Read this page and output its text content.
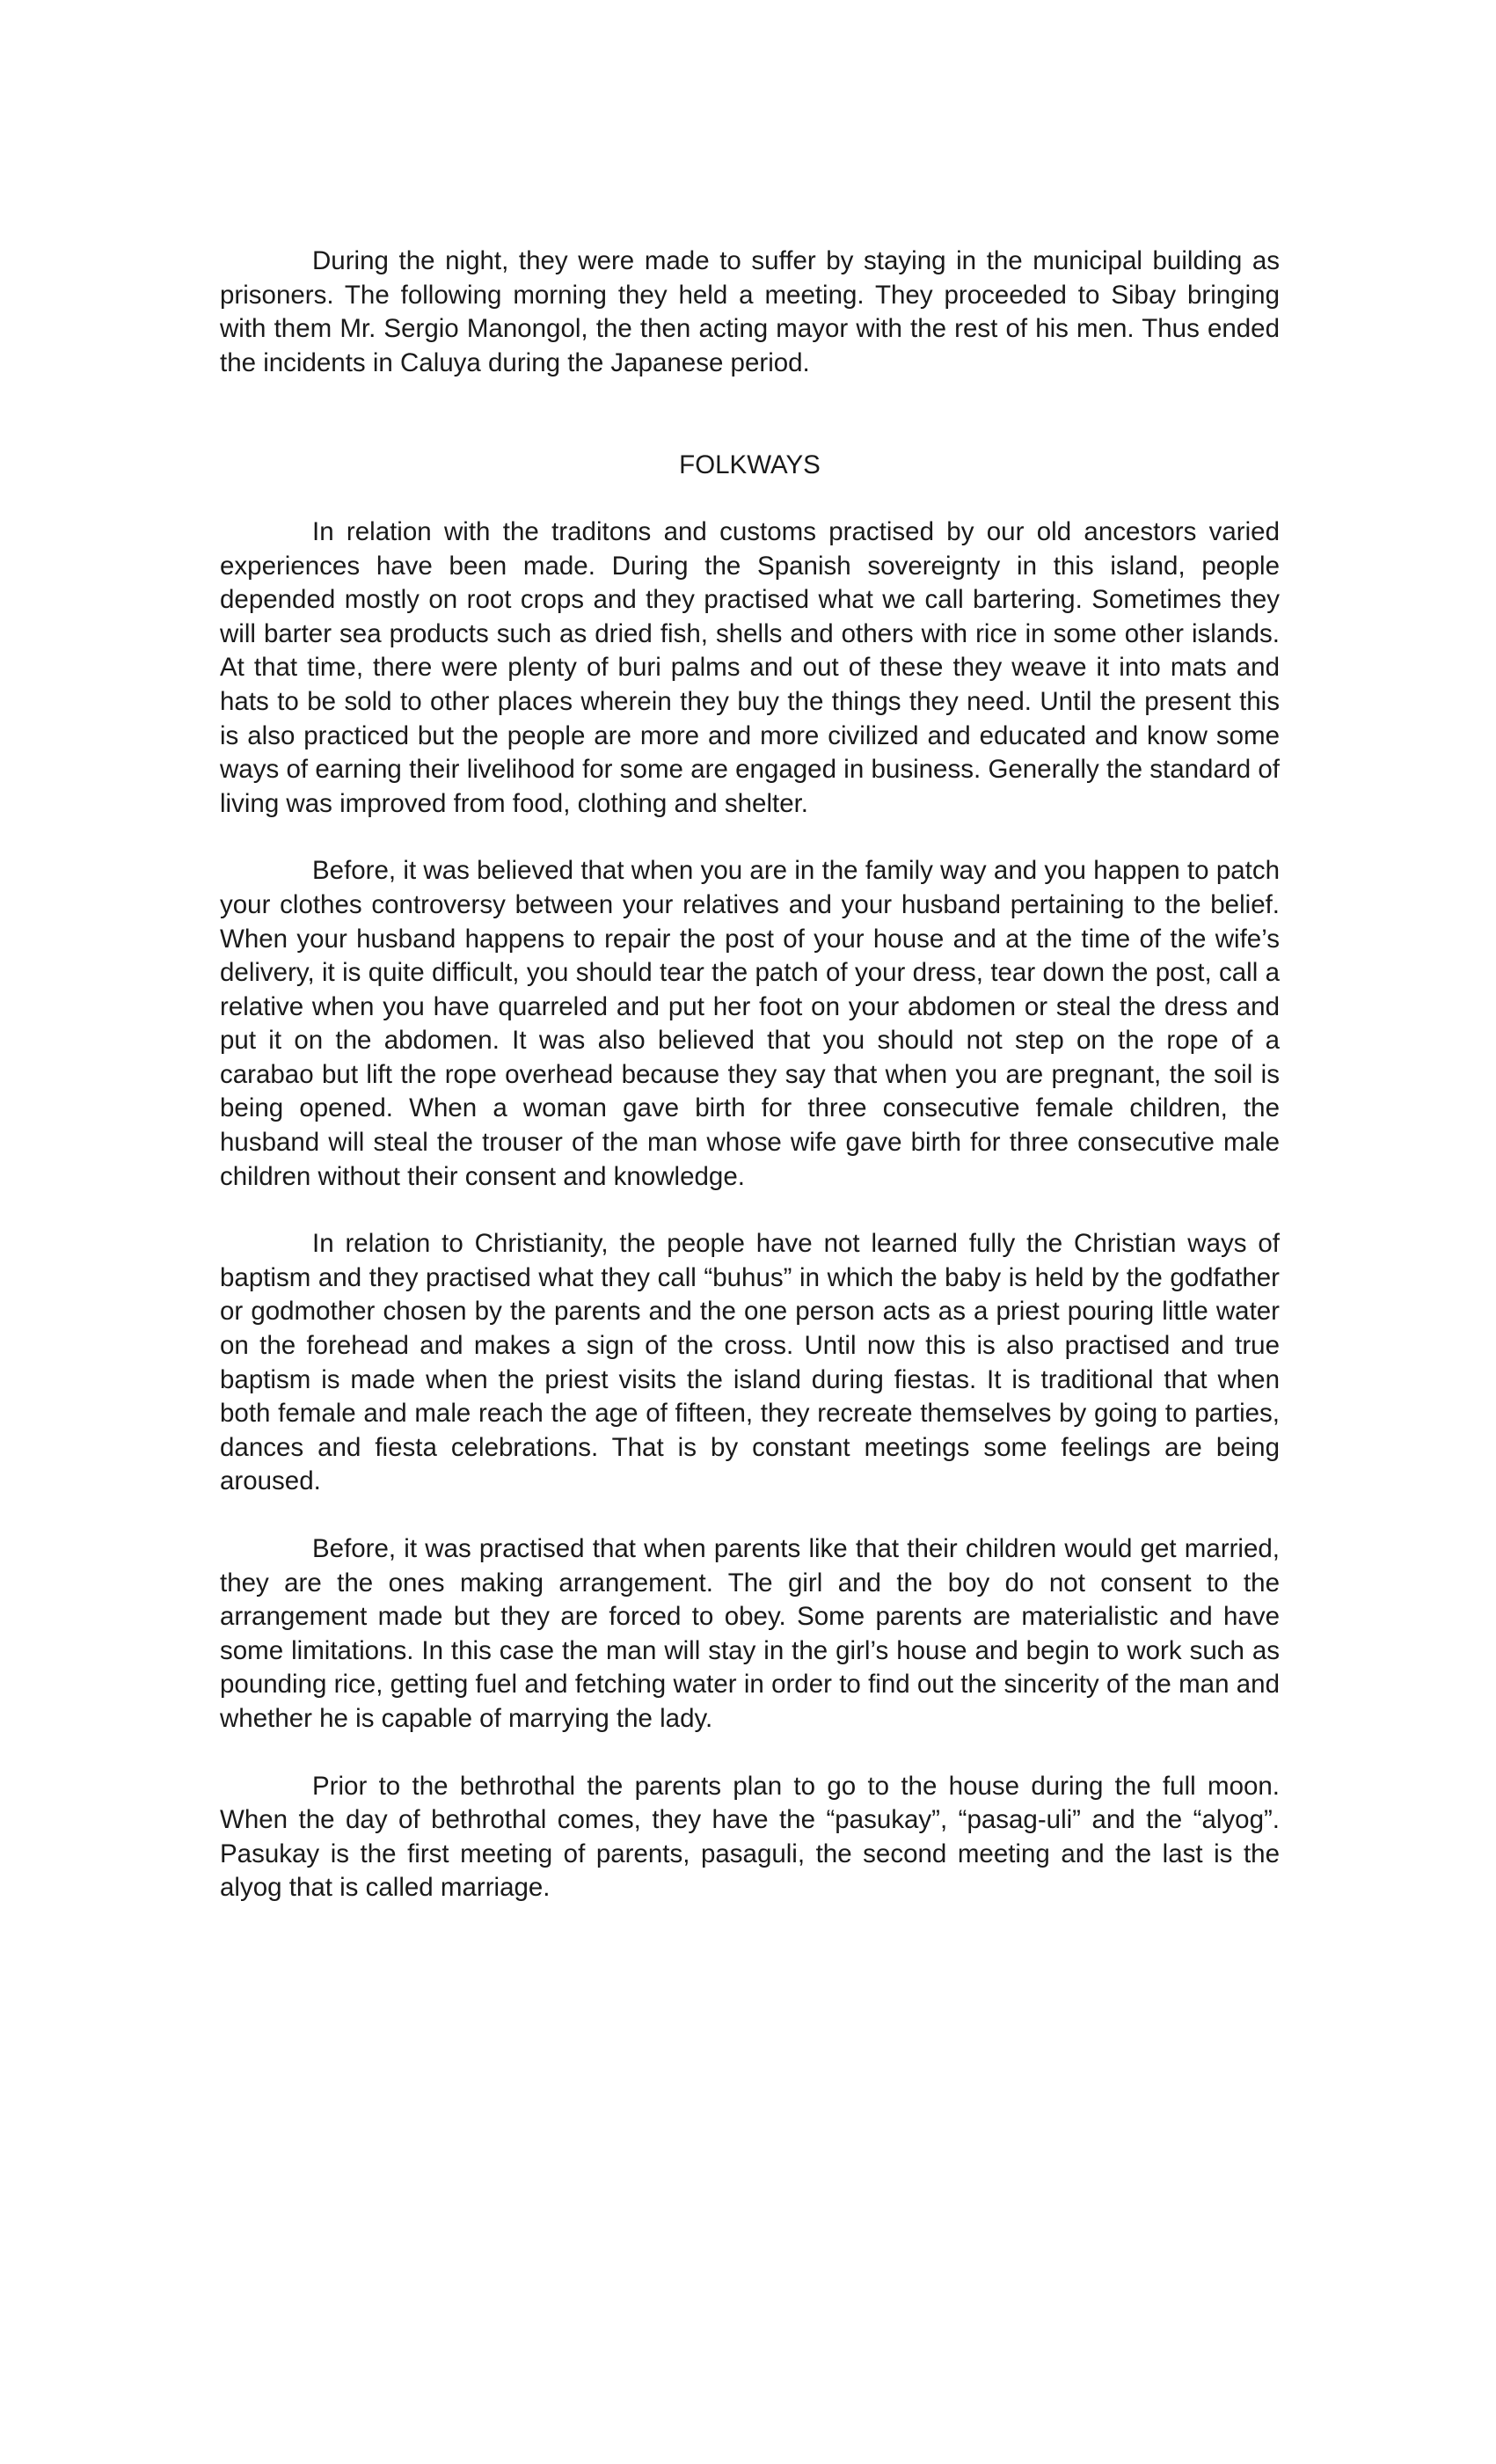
During the night, they were made to suffer by staying in the municipal building as prisoners. The following morning they held a meeting. They proceeded to Sibay bringing with them Mr. Sergio Manongol, the then acting mayor with the rest of his men. Thus ended the incidents in Caluya during the Japanese period.

FOLKWAYS

In relation with the traditons and customs practised by our old ancestors varied experiences have been made. During the Spanish sovereignty in this island, people depended mostly on root crops and they practised what we call bartering. Sometimes they will barter sea products such as dried fish, shells and others with rice in some other islands. At that time, there were plenty of buri palms and out of these they weave it into mats and hats to be sold to other places wherein they buy the things they need. Until the present this is also practiced but the people are more and more civilized and educated and know some ways of earning their livelihood for some are engaged in business. Generally the standard of living was improved from food, clothing and shelter.

Before, it was believed that when you are in the family way and you happen to patch your clothes controversy between your relatives and your husband pertaining to the belief. When your husband happens to repair the post of your house and at the time of the wife’s delivery, it is quite difficult, you should tear the patch of your dress, tear down the post, call a relative when you have quarreled and put her foot on your abdomen or steal the dress and put it on the abdomen. It was also believed that you should not step on the rope of a carabao but lift the rope overhead because they say that when you are pregnant, the soil is being opened. When a woman gave birth for three consecutive female children, the husband will steal the trouser of the man whose wife gave birth for three consecutive male children without their consent and knowledge.

In relation to Christianity, the people have not learned fully the Christian ways of baptism and they practised what they call “buhus” in which the baby is held by the godfather or godmother chosen by the parents and the one person acts as a priest pouring little water on the forehead and makes a sign of the cross. Until now this is also practised and true baptism is made when the priest visits the island during fiestas. It is traditional that when both female and male reach the age of fifteen, they recreate themselves by going to parties, dances and fiesta celebrations. That is by constant meetings some feelings are being aroused.

Before, it was practised that when parents like that their children would get married, they are the ones making arrangement. The girl and the boy do not consent to the arrangement made but they are forced to obey. Some parents are materialistic and have some limitations. In this case the man will stay in the girl’s house and begin to work such as pounding rice, getting fuel and fetching water in order to find out the sincerity of the man and whether he is capable of marrying the lady.

Prior to the bethrothal the parents plan to go to the house during the full moon. When the day of bethrothal comes, they have the “pasukay”, “pasag-uli” and the “alyog”. Pasukay is the first meeting of parents, pasaguli, the second meeting and the last is the alyog that is called marriage.
